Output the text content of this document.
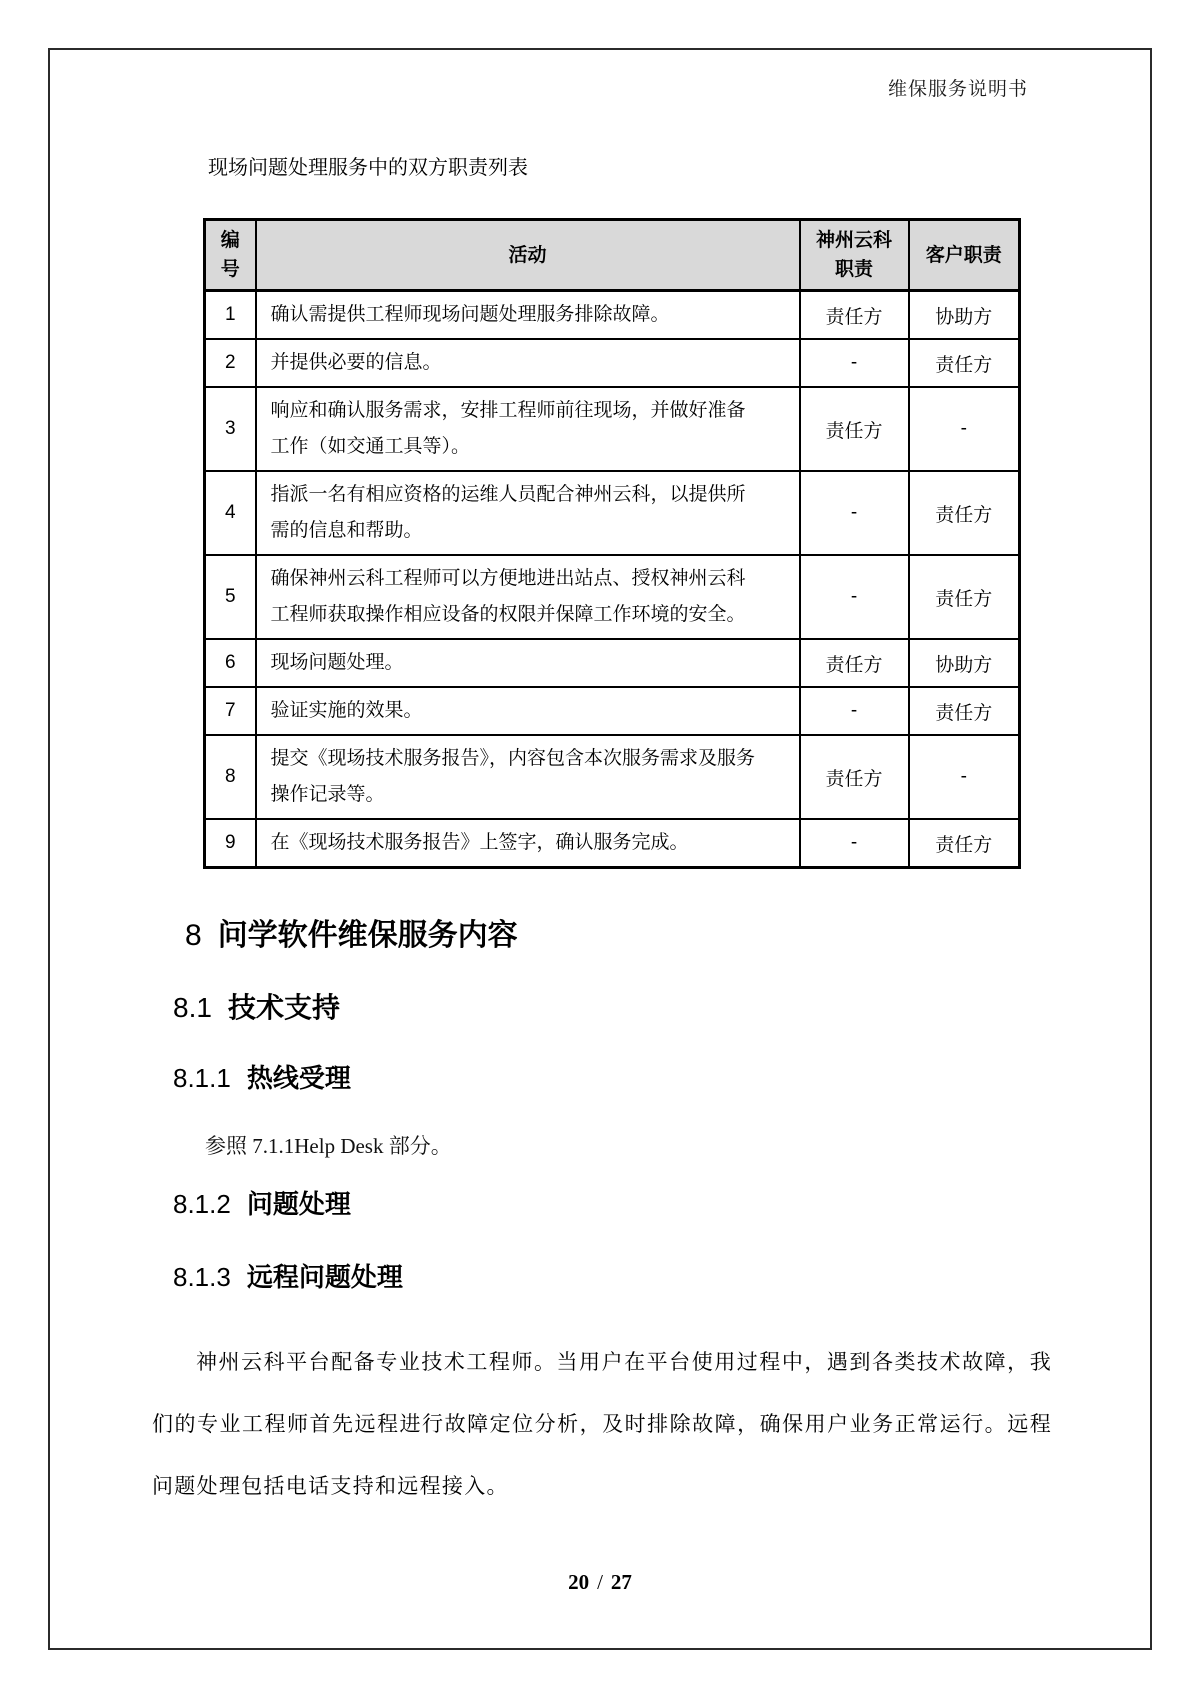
维保服务说明书
现场问题处理服务中的双方职责列表
编号	活动	神州云科职责	客户职责
1	确认需提供工程师现场问题处理服务排除故障。	责任方	协助方
2	并提供必要的信息。	-	责任方
3	响应和确认服务需求，安排工程师前往现场，并做好准备工作（如交通工具等）。	责任方	-
4	指派一名有相应资格的运维人员配合神州云科，以提供所需的信息和帮助。	-	责任方
5	确保神州云科工程师可以方便地进出站点、授权神州云科工程师获取操作相应设备的权限并保障工作环境的安全。	-	责任方
6	现场问题处理。	责任方	协助方
7	验证实施的效果。	-	责任方
8	提交《现场技术服务报告》，内容包含本次服务需求及服务操作记录等。	责任方	-
9	在《现场技术服务报告》上签字，确认服务完成。	-	责任方
8 问学软件维保服务内容
8.1 技术支持
8.1.1 热线受理

参照 7.1.1Help Desk 部分。

8.1.2 问题处理
8.1.3 远程问题处理

神州云科平台配备专业技术工程师。当用户在平台使用过程中，遇到各类技术故障，我们的专业工程师首先远程进行故障定位分析，及时排除故障，确保用户业务正常运行。远程问题处理包括电话支持和远程接入。

20 / 27
